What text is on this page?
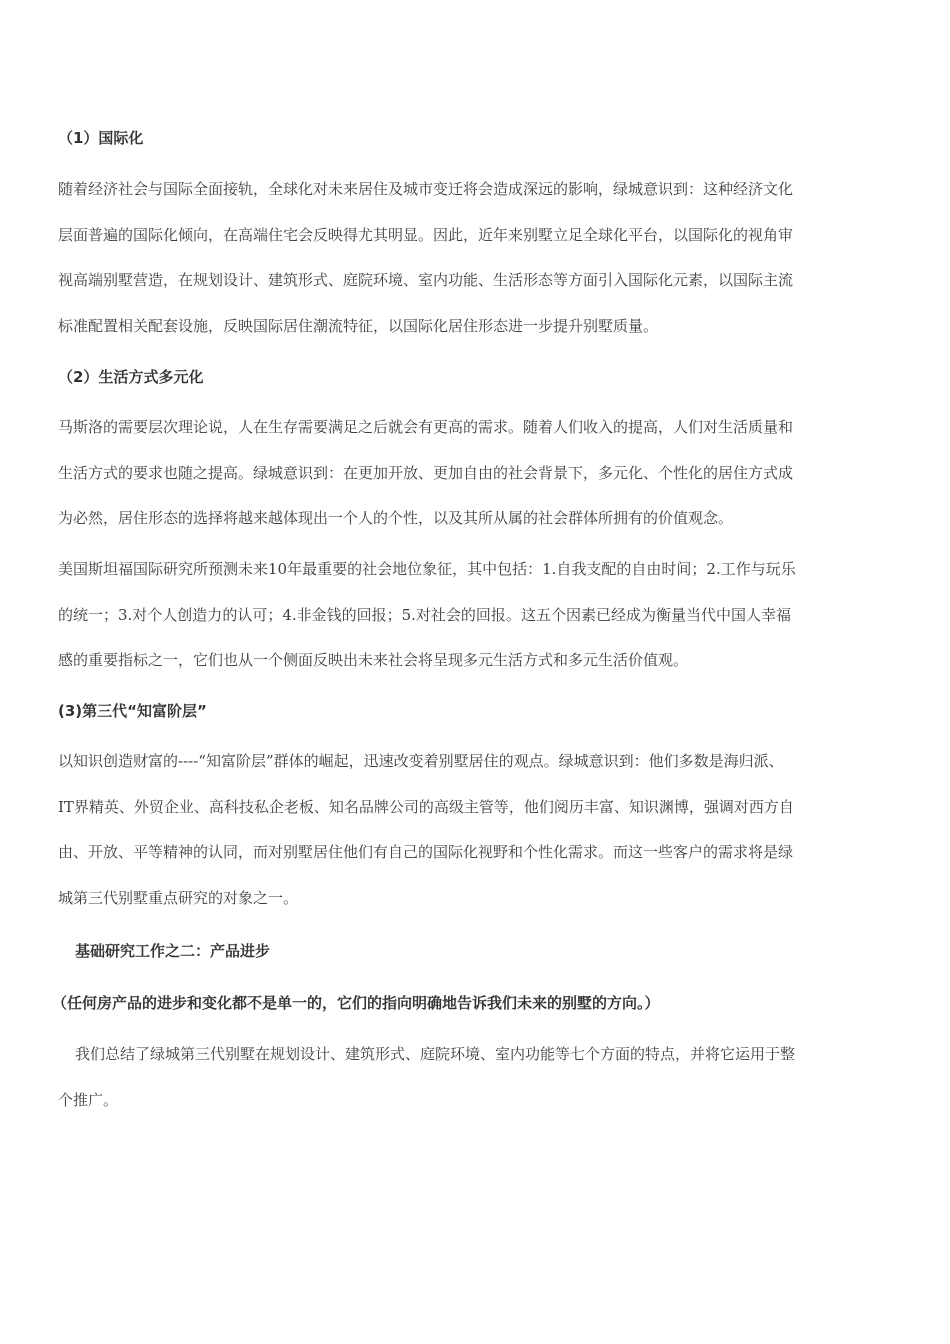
（1）国际化
随着经济社会与国际全面接轨，全球化对未来居住及城市变迁将会造成深远的影响，绿城意识到：这种经济文化
层面普遍的国际化倾向，在高端住宅会反映得尤其明显。因此，近年来别墅立足全球化平台，以国际化的视角审
视高端别墅营造，在规划设计、建筑形式、庭院环境、室内功能、生活形态等方面引入国际化元素，以国际主流
标准配置相关配套设施，反映国际居住潮流特征，以国际化居住形态进一步提升别墅质量。
（2）生活方式多元化
马斯洛的需要层次理论说，人在生存需要满足之后就会有更高的需求。随着人们收入的提高，人们对生活质量和
生活方式的要求也随之提高。绿城意识到：在更加开放、更加自由的社会背景下，多元化、个性化的居住方式成
为必然，居住形态的选择将越来越体现出一个人的个性，以及其所从属的社会群体所拥有的价值观念。
美国斯坦福国际研究所预测未来10年最重要的社会地位象征，其中包括：1.自我支配的自由时间；2.工作与玩乐
的统一；3.对个人创造力的认可；4.非金钱的回报；5.对社会的回报。这五个因素已经成为衡量当代中国人幸福
感的重要指标之一，它们也从一个侧面反映出未来社会将呈现多元生活方式和多元生活价值观。
(3)第三代“知富阶层”
以知识创造财富的----“知富阶层”群体的崛起，迅速改变着别墅居住的观点。绿城意识到：他们多数是海归派、
IT界精英、外贸企业、高科技私企老板、知名品牌公司的高级主管等，他们阅历丰富、知识渊博，强调对西方自
由、开放、平等精神的认同，而对别墅居住他们有自己的国际化视野和个性化需求。而这一些客户的需求将是绿
城第三代别墅重点研究的对象之一。
基础研究工作之二：产品进步
（任何房产品的进步和变化都不是单一的，它们的指向明确地告诉我们未来的别墅的方向。）
我们总结了绿城第三代别墅在规划设计、建筑形式、庭院环境、室内功能等七个方面的特点，并将它运用于整
个推广。
